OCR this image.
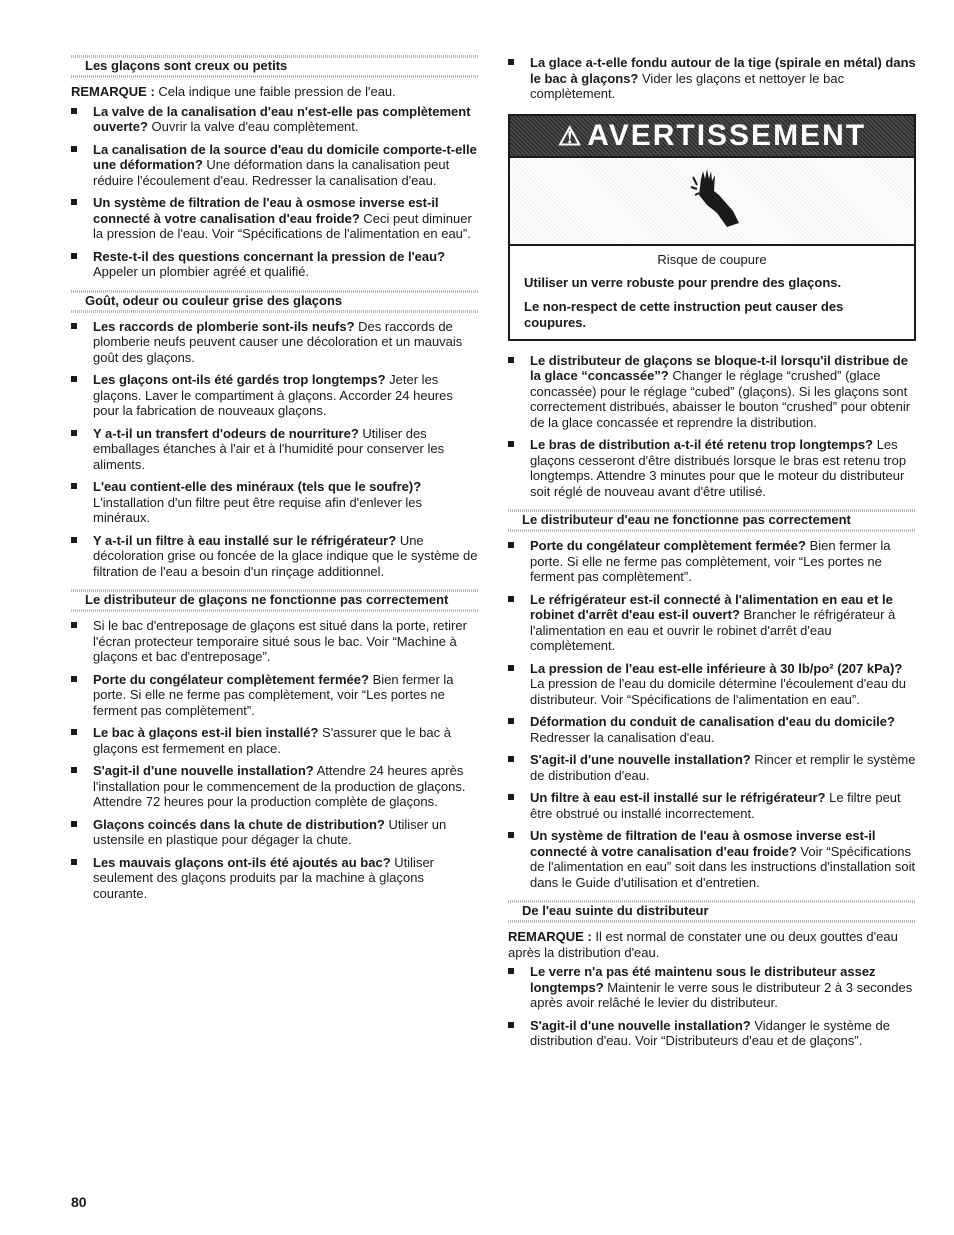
Les glaçons sont creux ou petits

REMARQUE : Cela indique une faible pression de l'eau.

La valve de la canalisation d'eau n'est-elle pas complètement ouverte? Ouvrir la valve d'eau complètement.
La canalisation de la source d'eau du domicile comporte-t-elle une déformation? Une déformation dans la canalisation peut réduire l'écoulement d'eau. Redresser la canalisation d'eau.
Un système de filtration de l'eau à osmose inverse est-il connecté à votre canalisation d'eau froide? Ceci peut diminuer la pression de l'eau. Voir “Spécifications de l'alimentation en eau”.
Reste-t-il des questions concernant la pression de l'eau? Appeler un plombier agréé et qualifié.
Goût, odeur ou couleur grise des glaçons
Les raccords de plomberie sont-ils neufs? Des raccords de plomberie neufs peuvent causer une décoloration et un mauvais goût des glaçons.
Les glaçons ont-ils été gardés trop longtemps? Jeter les glaçons. Laver le compartiment à glaçons. Accorder 24 heures pour la fabrication de nouveaux glaçons.
Y a-t-il un transfert d'odeurs de nourriture? Utiliser des emballages étanches à l'air et à l'humidité pour conserver les aliments.
L'eau contient-elle des minéraux (tels que le soufre)? L'installation d'un filtre peut être requise afin d'enlever les minéraux.
Y a-t-il un filtre à eau installé sur le réfrigérateur? Une décoloration grise ou foncée de la glace indique que le système de filtration de l'eau a besoin d'un rinçage additionnel.
Le distributeur de glaçons ne fonctionne pas correctement
Si le bac d'entreposage de glaçons est situé dans la porte, retirer l'écran protecteur temporaire situé sous le bac. Voir “Machine à glaçons et bac d'entreposage”.
Porte du congélateur complètement fermée? Bien fermer la porte. Si elle ne ferme pas complètement, voir “Les portes ne ferment pas complètement”.
Le bac à glaçons est-il bien installé? S'assurer que le bac à glaçons est fermement en place.
S'agit-il d'une nouvelle installation? Attendre 24 heures après l'installation pour le commencement de la production de glaçons. Attendre 72 heures pour la production complète de glaçons.
Glaçons coincés dans la chute de distribution? Utiliser un ustensile en plastique pour dégager la chute.
Les mauvais glaçons ont-ils été ajoutés au bac? Utiliser seulement des glaçons produits par la machine à glaçons courante.
La glace a-t-elle fondu autour de la tige (spirale en métal) dans le bac à glaçons? Vider les glaçons et nettoyer le bac complètement.
⚠ AVERTISSEMENT

Risque de coupure

Utiliser un verre robuste pour prendre des glaçons.

Le non-respect de cette instruction peut causer des coupures.

Le distributeur de glaçons se bloque-t-il lorsqu'il distribue de la glace “concassée”? Changer le réglage “crushed” (glace concassée) pour le réglage “cubed” (glaçons). Si les glaçons sont correctement distribués, abaisser le bouton “crushed” pour obtenir de la glace concassée et reprendre la distribution.
Le bras de distribution a-t-il été retenu trop longtemps? Les glaçons cesseront d'être distribués lorsque le bras est retenu trop longtemps. Attendre 3 minutes pour que le moteur du distributeur soit réglé de nouveau avant d'être utilisé.
Le distributeur d'eau ne fonctionne pas correctement
Porte du congélateur complètement fermée? Bien fermer la porte. Si elle ne ferme pas complètement, voir “Les portes ne ferment pas complètement”.
Le réfrigérateur est-il connecté à l'alimentation en eau et le robinet d'arrêt d'eau est-il ouvert? Brancher le réfrigérateur à l'alimentation en eau et ouvrir le robinet d'arrêt d'eau complètement.
La pression de l'eau est-elle inférieure à 30 lb/po² (207 kPa)? La pression de l'eau du domicile détermine l'écoulement d'eau du distributeur. Voir “Spécifications de l'alimentation en eau”.
Déformation du conduit de canalisation d'eau du domicile? Redresser la canalisation d'eau.
S'agit-il d'une nouvelle installation? Rincer et remplir le système de distribution d'eau.
Un filtre à eau est-il installé sur le réfrigérateur? Le filtre peut être obstrué ou installé incorrectement.
Un système de filtration de l'eau à osmose inverse est-il connecté à votre canalisation d'eau froide? Voir “Spécifications de l'alimentation en eau” soit dans les instructions d'installation soit dans le Guide d'utilisation et d'entretien.
De l'eau suinte du distributeur

REMARQUE : Il est normal de constater une ou deux gouttes d'eau après la distribution d'eau.

Le verre n'a pas été maintenu sous le distributeur assez longtemps? Maintenir le verre sous le distributeur 2 à 3 secondes après avoir relâché le levier du distributeur.
S'agit-il d'une nouvelle installation? Vidanger le système de distribution d'eau. Voir “Distributeurs d'eau et de glaçons”.
80
